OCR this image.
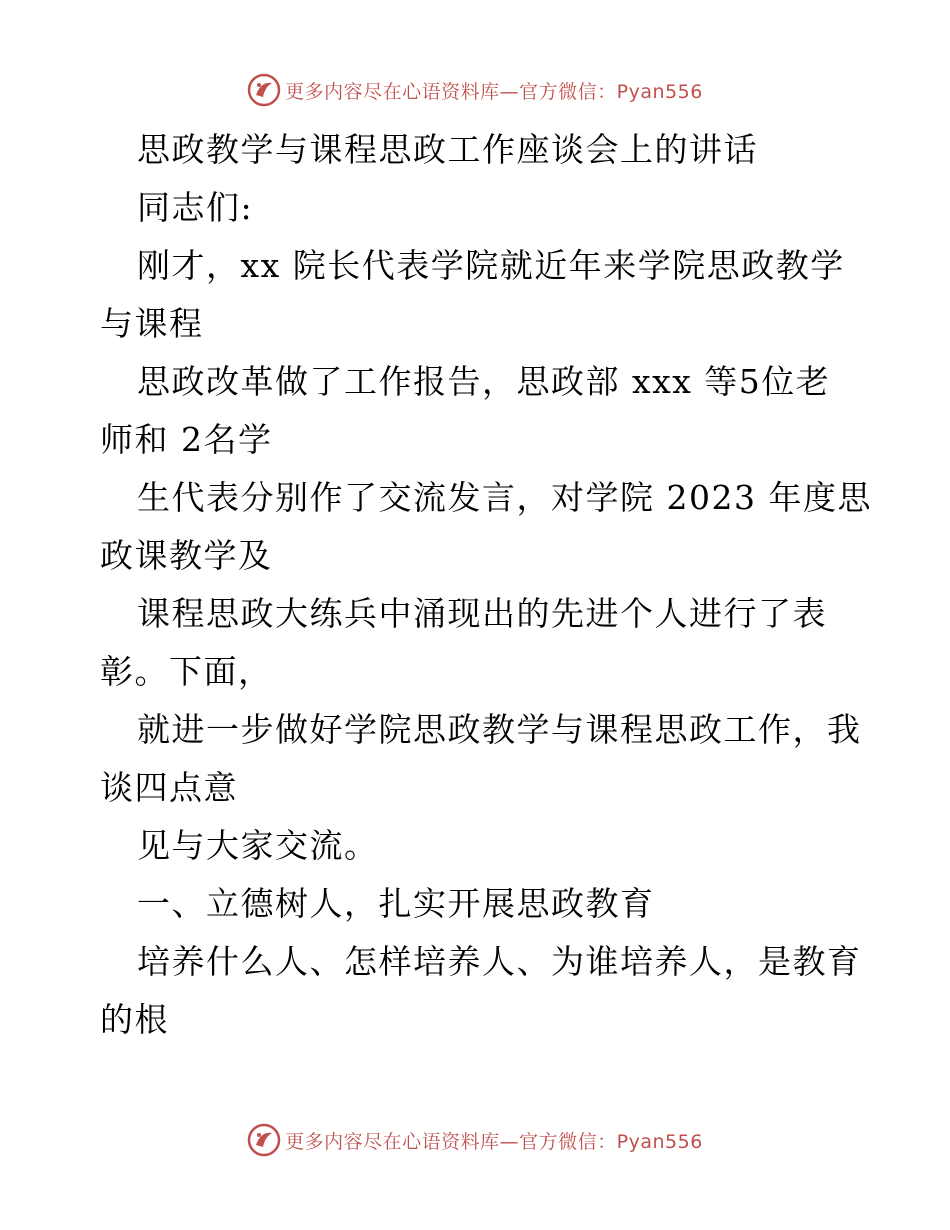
更多内容尽在心语资料库—官方微信：Pyan556
思政教学与课程思政工作座谈会上的讲话
同志们:
刚才，xx 院长代表学院就近年来学院思政教学
与课程
思政改革做了工作报告，思政部 xxx 等5位老
师和 2名学
生代表分别作了交流发言，对学院 2023 年度思
政课教学及
课程思政大练兵中涌现出的先进个人进行了表
彰。下面，
就进一步做好学院思政教学与课程思政工作，我
谈四点意
见与大家交流。
一、立德树人，扎实开展思政教育
培养什么人、怎样培养人、为谁培养人，是教育
的根
更多内容尽在心语资料库—官方微信：Pyan556
